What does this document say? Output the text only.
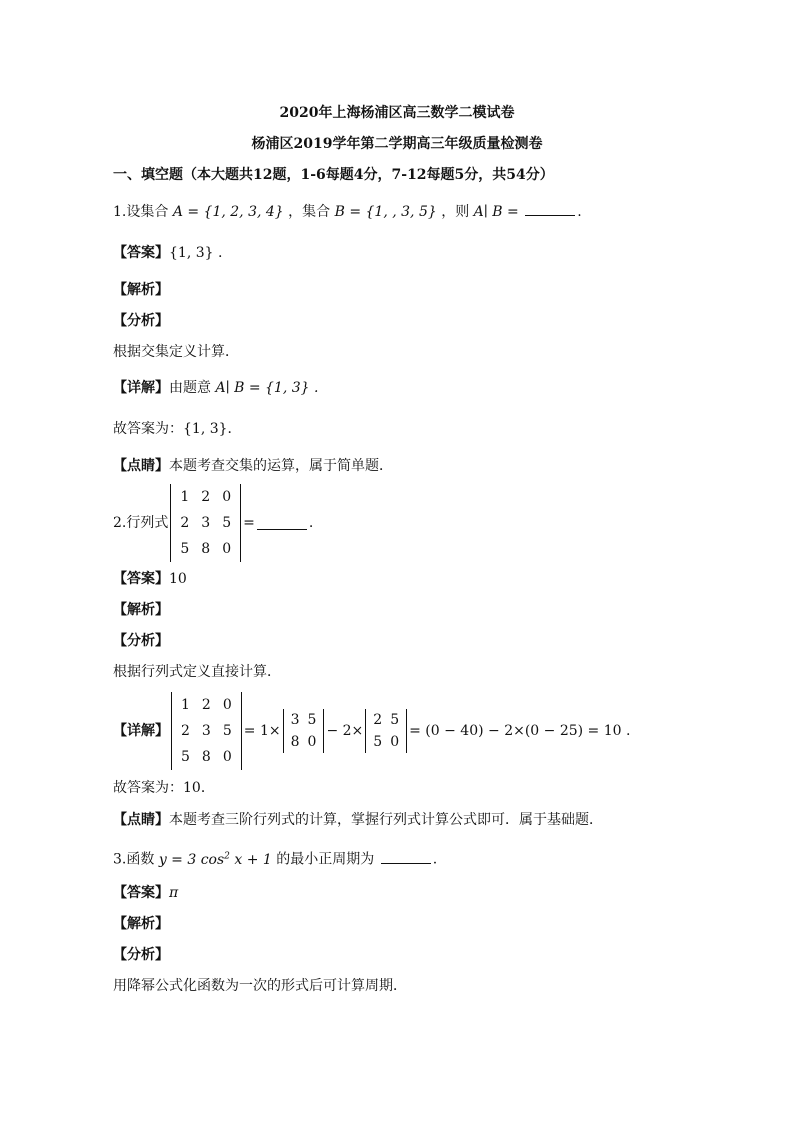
2020年上海杨浦区高三数学二模试卷
杨浦区2019学年第二学期高三年级质量检测卷
一、填空题（本大题共12题，1-6每题4分，7-12每题5分，共54分）
1.设集合 A = {1, 2, 3, 4} ，集合 B = {1, , 3, 5} ，则 A∣ B =	.
【答案】{1, 3} .
【解析】
【分析】
根据交集定义计算．
【详解】由题意 A∣ B = {1, 3} .
故答案为：{1, 3}．
【点睛】本题考查交集的运算，属于简单题．
2.行列式
1	2	0
2	3	5
5	8	0
=	.
【答案】10
【解析】
【分析】
根据行列式定义直接计算．
【详解】
1	2	0
2	3	5
5	8	0
= 1×
3	5
8	0
− 2×
2	5
5	0
= (0 − 40) − 2×(0 − 25) = 10 .
故答案为：10．
【点睛】本题考查三阶行列式的计算，掌握行列式计算公式即可．属于基础题．
3.函数 y = 3 $\cos^2 x + 1$ 的最小正周期为	.
【答案】π
【解析】
【分析】
用降幂公式化函数为一次的形式后可计算周期．
